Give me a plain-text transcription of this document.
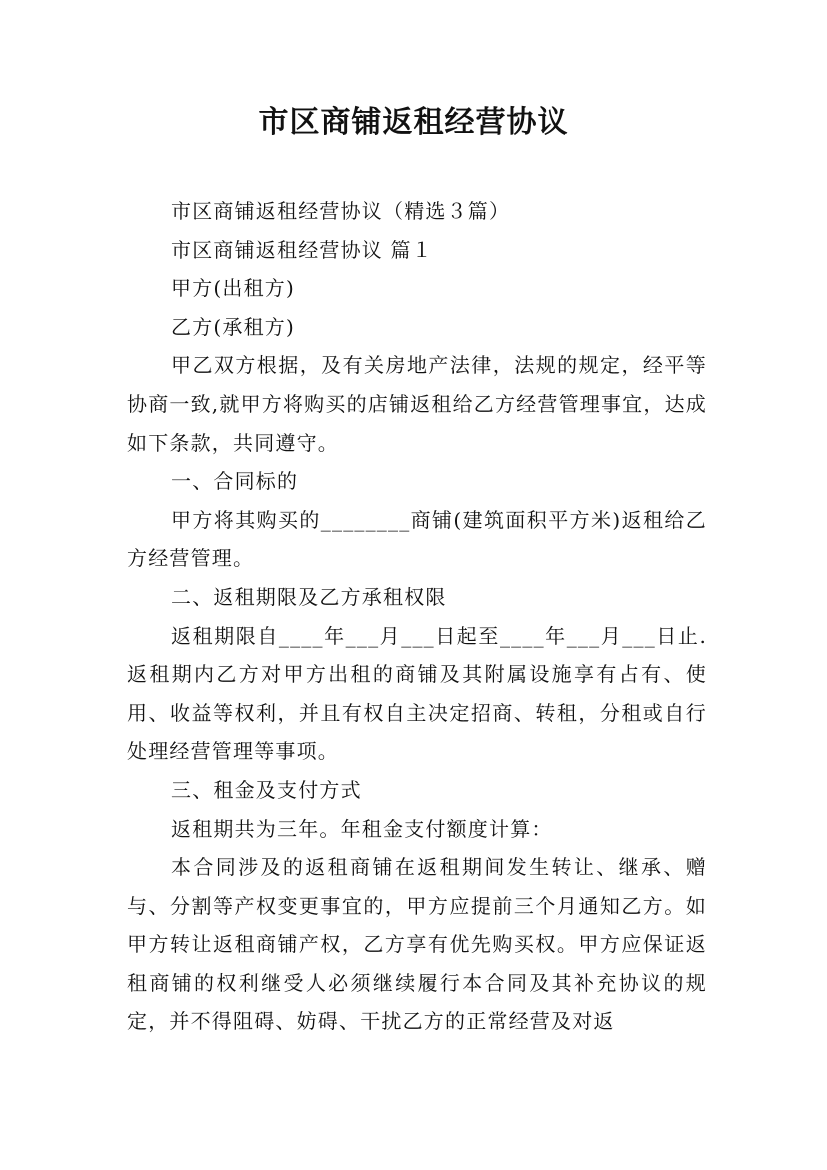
市区商铺返租经营协议

市区商铺返租经营协议（精选３篇）

市区商铺返租经营协议 篇１

甲方(出租方)

乙方(承租方)

甲乙双方根据，及有关房地产法律，法规的规定，经平等协商一致,就甲方将购买的店铺返租给乙方经营管理事宜，达成如下条款，共同遵守。

一、合同标的

甲方将其购买的________商铺(建筑面积平方米)返租给乙方经营管理。

二、返租期限及乙方承租权限

返租期限自____年___月___日起至____年___月___日止.返租期内乙方对甲方出租的商铺及其附属设施享有占有、使用、收益等权利，并且有权自主决定招商、转租，分租或自行处理经营管理等事项。

三、租金及支付方式

返租期共为三年。年租金支付额度计算：

本合同涉及的返租商铺在返租期间发生转让、继承、赠与、分割等产权变更事宜的，甲方应提前三个月通知乙方。如甲方转让返租商铺产权，乙方享有优先购买权。甲方应保证返租商铺的权利继受人必须继续履行本合同及其补充协议的规定，并不得阻碍、妨碍、干扰乙方的正常经营及对返
